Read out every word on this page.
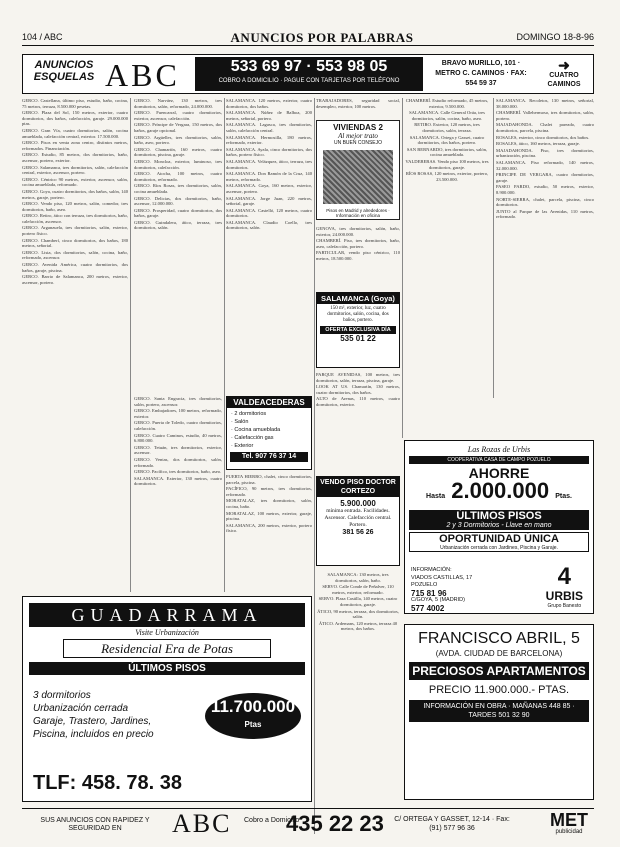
104 / ABC	ANUNCIOS POR PALABRAS	DOMINGO 18-8-96
ANUNCIOS ESQUELAS ABC	533 69 97 · 553 98 05
COBRO A DOMICILIO · PAGUE CON TARJETAS POR TELÉFONO
BRAVO MURILLO, 101 · METRO C. CAMINOS · FAX: 554 59 37
➜
CUATRO CAMINOS

GERCO. Castellana, último piso, estudio, baño, cocina, 75 metros, terraza, 8.500.000 pesetas.

GERCO. Plaza del Sol, 150 metros, exterior, cuatro dormitorios, dos baños, calefacción, garaje. 29.000.000 ptas.

GERCO. Gran Vía, cuatro dormitorios, salón, cocina amueblada, calefacción central, exterior. 17.500.000.

GERCO. Pisos en venta zona centro, distintos metros, reformados. Financiación.

GERCO. Estudio, 85 metros, dos dormitorios, baño, ascensor, portero, exterior.

GERCO. Salamanca, tres dormitorios, salón, calefacción central, exterior, ascensor, portero.

GERCO. Céntrico 90 metros, exterior, ascensor, salón, cocina amueblada, reformado.

GERCO. Goya, cuatro dormitorios, dos baños, salón, 140 metros, garaje, portero.

GERCO. Vendo piso, 120 metros, salón, comedor, tres dormitorios, baño, aseo.

GERCO. Retiro, ático con terraza, tres dormitorios, baño, calefacción, ascensor.

GERCO. Arganzuela, tres dormitorios, salón, exterior, portero físico.

GERCO. Chamberí, cinco dormitorios, dos baños, 180 metros, señorial.

GERCO. Lista, dos dormitorios, salón, cocina, baño, reformado, ascensor.

GERCO. Avenida América, cuatro dormitorios, dos baños, garaje, piscina.

GERCO. Barrio de Salamanca, 200 metros, exterior, ascensor, portero.

GERCO. Narváez, 130 metros, tres dormitorios, salón, reformado, 24.000.000.

GERCO. Fuencarral, cuatro dormitorios, exterior, ascensor, calefacción.

GERCO. Príncipe de Vergara, 150 metros, dos baños, garaje opcional.

GERCO. Argüelles, tres dormitorios, salón, baño, aseo, portero.

GERCO. Chamartín, 160 metros, cuatro dormitorios, piscina, garaje.

GERCO. Moncloa, exterior, luminoso, tres dormitorios, calefacción.

GERCO. Atocha, 100 metros, cuatro dormitorios, reformado.

GERCO. Ríos Rosas, tres dormitorios, salón, cocina amueblada.

GERCO. Delicias, dos dormitorios, baño, ascensor, 12.000.000.

GERCO. Prosperidad, cuatro dormitorios, dos baños, garaje.

GERCO. Guindalera, ático, terraza, tres dormitorios, salón.

SALAMANCA. 120 metros, exterior, cuatro dormitorios, dos baños.

SALAMANCA. Núñez de Balboa, 200 metros, señorial, portero.

SALAMANCA. Lagasca, tres dormitorios, salón, calefacción central.

SALAMANCA. Hermosilla, 180 metros, reformado, exterior.

SALAMANCA. Ayala, cinco dormitorios, dos baños, portero físico.

SALAMANCA. Velázquez, ático, terraza, tres dormitorios.

SALAMANCA. Don Ramón de la Cruz, 140 metros, reformado.

SALAMANCA. Goya, 160 metros, exterior, ascensor, portero.

SALAMANCA. Jorge Juan, 220 metros, señorial, garaje.

SALAMANCA. Castelló, 120 metros, cuatro dormitorios.

SALAMANCA. Claudio Coello, tres dormitorios, salón.

TRABAJADORES, seguridad social, desempleo, exterior, 100 metros.

VIVIENDAS 2
Al mejor trato
UN BUEN CONSEJO
Pisos en Madrid y alrededores · Información en oficina

GENOVA, tres dormitorios, salón, baño, exterior, 24.000.000.

CHAMBERÍ. Piso, tres dormitorios, baño, aseo, calefacción, portero.

PARTICULAR, vendo piso céntrico, 110 metros, 18.500.000.

SALAMANCA (Goya)
150 m², exterior, luz, cuatro dormitorios, salón, cocina, dos baños, portero.
OFERTA EXCLUSIVA DÍA
535 01 22

PARQUE AVENIDAS, 100 metros, tres dormitorios, salón, terraza, piscina, garaje.

LOOK AT US. Chamartín, 130 metros, cuatro dormitorios, dos baños.

ALTO de Arenas, 110 metros, cuatro dormitorios, exterior.

VENDO PISO DOCTOR CORTEZO
5.900.000
mínima entrada. Facilidades. Ascensor. Calefacción central. Portero.
381 56 26

SALAMANCA: 130 metros, tres dormitorios, salón, baño.

SERVO. Calle Conde de Peñalver, 110 metros, exterior, reformado.

SERVO. Plaza Castilla, 140 metros, cuatro dormitorios, garaje.

ÁTICO, 90 metros, terraza, dos dormitorios, salón.

ÁTICO. Ardemans, 120 metros, terraza 40 metros, dos baños.

CHAMBERÍ. Estudio reformado, 45 metros, exterior, 9.500.000.

SALAMANCA. Calle General Oráa, tres dormitorios, salón, cocina, baño, aseo.

RETIRO. Exterior, 120 metros, tres dormitorios, salón, terraza.

SALAMANCA. Ortega y Gasset, cuatro dormitorios, dos baños, portero.

SAN BERNARDO, tres dormitorios, salón, cocina amueblada.

VALDEBEBAS. Vendo piso 100 metros, tres dormitorios, garaje.

RÍOS ROSAS, 120 metros, exterior, portero, 23.500.000.

SALAMANCA. Recoletos, 130 metros, señorial, 38.000.000.

CHAMBERÍ. Vallehermoso, tres dormitorios, salón, portero.

MAJADAHONDA. Chalet pareado, cuatro dormitorios, parcela, piscina.

ROSALES, exterior, cinco dormitorios, dos baños.

ROSALES, ático, 160 metros, terraza, garaje.

MAJADAHONDA. Piso, tres dormitorios, urbanización, piscina.

SALAMANCA. Piso reformado, 140 metros, 32.000.000.

PRINCIPE DE VERGARA, cuatro dormitorios, garaje.

PASEO PARDO, estudio, 50 metros, exterior, 8.900.000.

NORTE-SIERRA, chalet, parcela, piscina, cinco dormitorios.

JUNTO al Parque de las Avenidas, 110 metros, reformado.

VALDEACEDERAS
· 2 dormitorios
· Salón
· Cocina amueblada
· Calefacción gas
· Exterior
Tel. 907 76 37 14

GERCO. Santa Engracia, tres dormitorios, salón, portero, ascensor.

GERCO. Embajadores, 100 metros, reformado, exterior.

GERCO. Puerta de Toledo, cuatro dormitorios, calefacción.

GERCO. Cuatro Caminos, estudio, 40 metros, 6.800.000.

GERCO. Tetuán, tres dormitorios, exterior, ascensor.

GERCO. Ventas, dos dormitorios, salón, reformado.

GERCO. Pacífico, tres dormitorios, baño, aseo.

SALAMANCA. Exterior, 130 metros, cuatro dormitorios.

PUERTA HIERRO, chalet, cinco dormitorios, parcela, piscina.

PACÍFICO, 90 metros, tres dormitorios, reformado.

MORATALAZ, tres dormitorios, salón, cocina, baño.

MORATALAZ, 100 metros, exterior, garaje, piscina.

SALAMANCA, 200 metros, exterior, portero físico.

Las Rozas de Urbis
COOPERATIVA CASA DE CAMPO POZUELO
AHORRE
Hasta 2.000.000 Ptas.
ÚLTIMOS PISOS
2 y 3 Dormitorios - Llave en mano
OPORTUNIDAD ÚNICA
Urbanización cerrada con Jardines, Piscina y Garaje.
INFORMACIÓN:
VIADOS CASTILLAS, 17
POZUELO
715 81 96
C/GOYA, 5 (MADRID)
577 4002
4
URBIS
Grupo Banesto
FRANCISCO ABRIL, 5
(AVDA. CIUDAD DE BARCELONA)
PRECIOSOS APARTAMENTOS
PRECIO 11.900.000.- PTAS.
INFORMACIÓN EN OBRA · MAÑANAS 448 85 · TARDES 501 32 90
GUADARRAMA
Visite Urbanización
Residencial Era de Potas
ÚLTIMOS PISOS
3 dormitorios
Urbanización cerrada
Garaje, Trastero, Jardines,
Piscina, incluidos en precio
11.700.000
Ptas
TLF: 458. 78. 38
SUS ANUNCIOS CON RAPIDEZ Y SEGURIDAD EN	ABC Cobro a Domicilio
435 22 23	C/ ORTEGA Y GASSET, 12-14 · Fax: (91) 577 96 36	MET
publicidad
